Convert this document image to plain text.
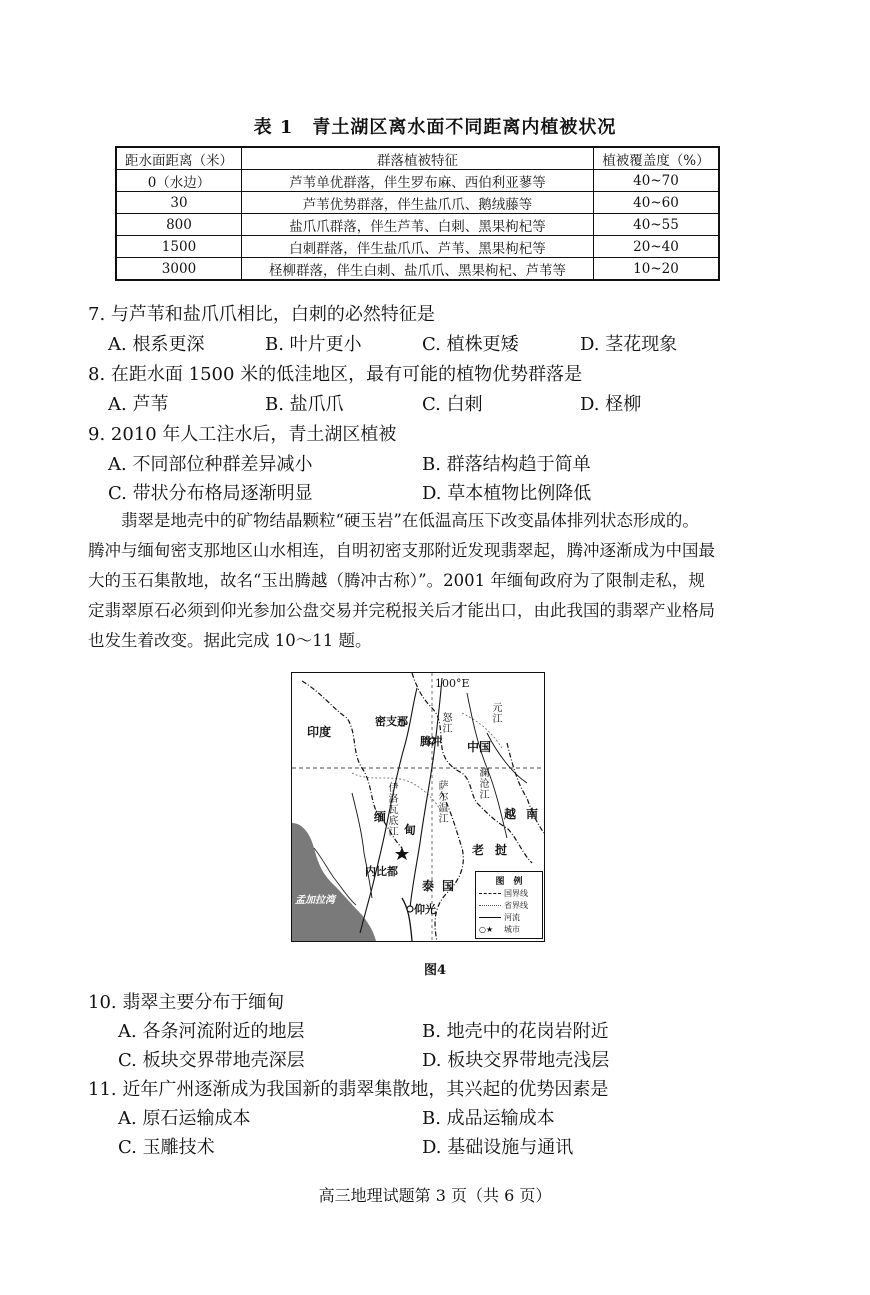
表 1　青土湖区离水面不同距离内植被状况
距水面距离（米）	群落植被特征	植被覆盖度（%）
0（水边）	芦苇单优群落，伴生罗布麻、西伯利亚蓼等	40~70
30	芦苇优势群落，伴生盐爪爪、鹅绒藤等	40~60
800	盐爪爪群落，伴生芦苇、白刺、黑果枸杞等	40~55
1500	白刺群落，伴生盐爪爪、芦苇、黑果枸杞等	20~40
3000	柽柳群落，伴生白刺、盐爪爪、黑果枸杞、芦苇等	10~20
7. 与芦苇和盐爪爪相比，白刺的必然特征是
A. 根系更深	B. 叶片更小	C. 植株更矮	D. 茎花现象
8. 在距水面 1500 米的低洼地区，最有可能的植物优势群落是
A. 芦苇	B. 盐爪爪	C. 白刺	D. 柽柳
9. 2010 年人工注水后，青土湖区植被
A. 不同部位种群差异减小	B. 群落结构趋于简单
C. 带状分布格局逐渐明显	D. 草本植物比例降低

翡翠是地壳中的矿物结晶颗粒“硬玉岩”在低温高压下改变晶体排列状态形成的。

腾冲与缅甸密支那地区山水相连，自明初密支那附近发现翡翠起，腾冲逐渐成为中国最

大的玉石集散地，故名“玉出腾越（腾冲古称）”。2001 年缅甸政府为了限制走私，规

定翡翠原石必须到仰光参加公盘交易并完税报关后才能出口，由此我国的翡翠产业格局

也发生着改变。据此完成 10～11 题。

100°E
印度
中国
密支那
腾冲
缅
甸
老 挝
越 南
泰 国
内比都
仰光
孟加拉湾
伊洛瓦底江
萨尔温江
怒江
澜沧江
元江
图　例
国界线
省界线
河流
○★	城市
图4
10. 翡翠主要分布于缅甸
A. 各条河流附近的地层	B. 地壳中的花岗岩附近
C. 板块交界带地壳深层	D. 板块交界带地壳浅层
11. 近年广州逐渐成为我国新的翡翠集散地，其兴起的优势因素是
A. 原石运输成本	B. 成品运输成本
C. 玉雕技术	D. 基础设施与通讯
高三地理试题第 3 页（共 6 页）
